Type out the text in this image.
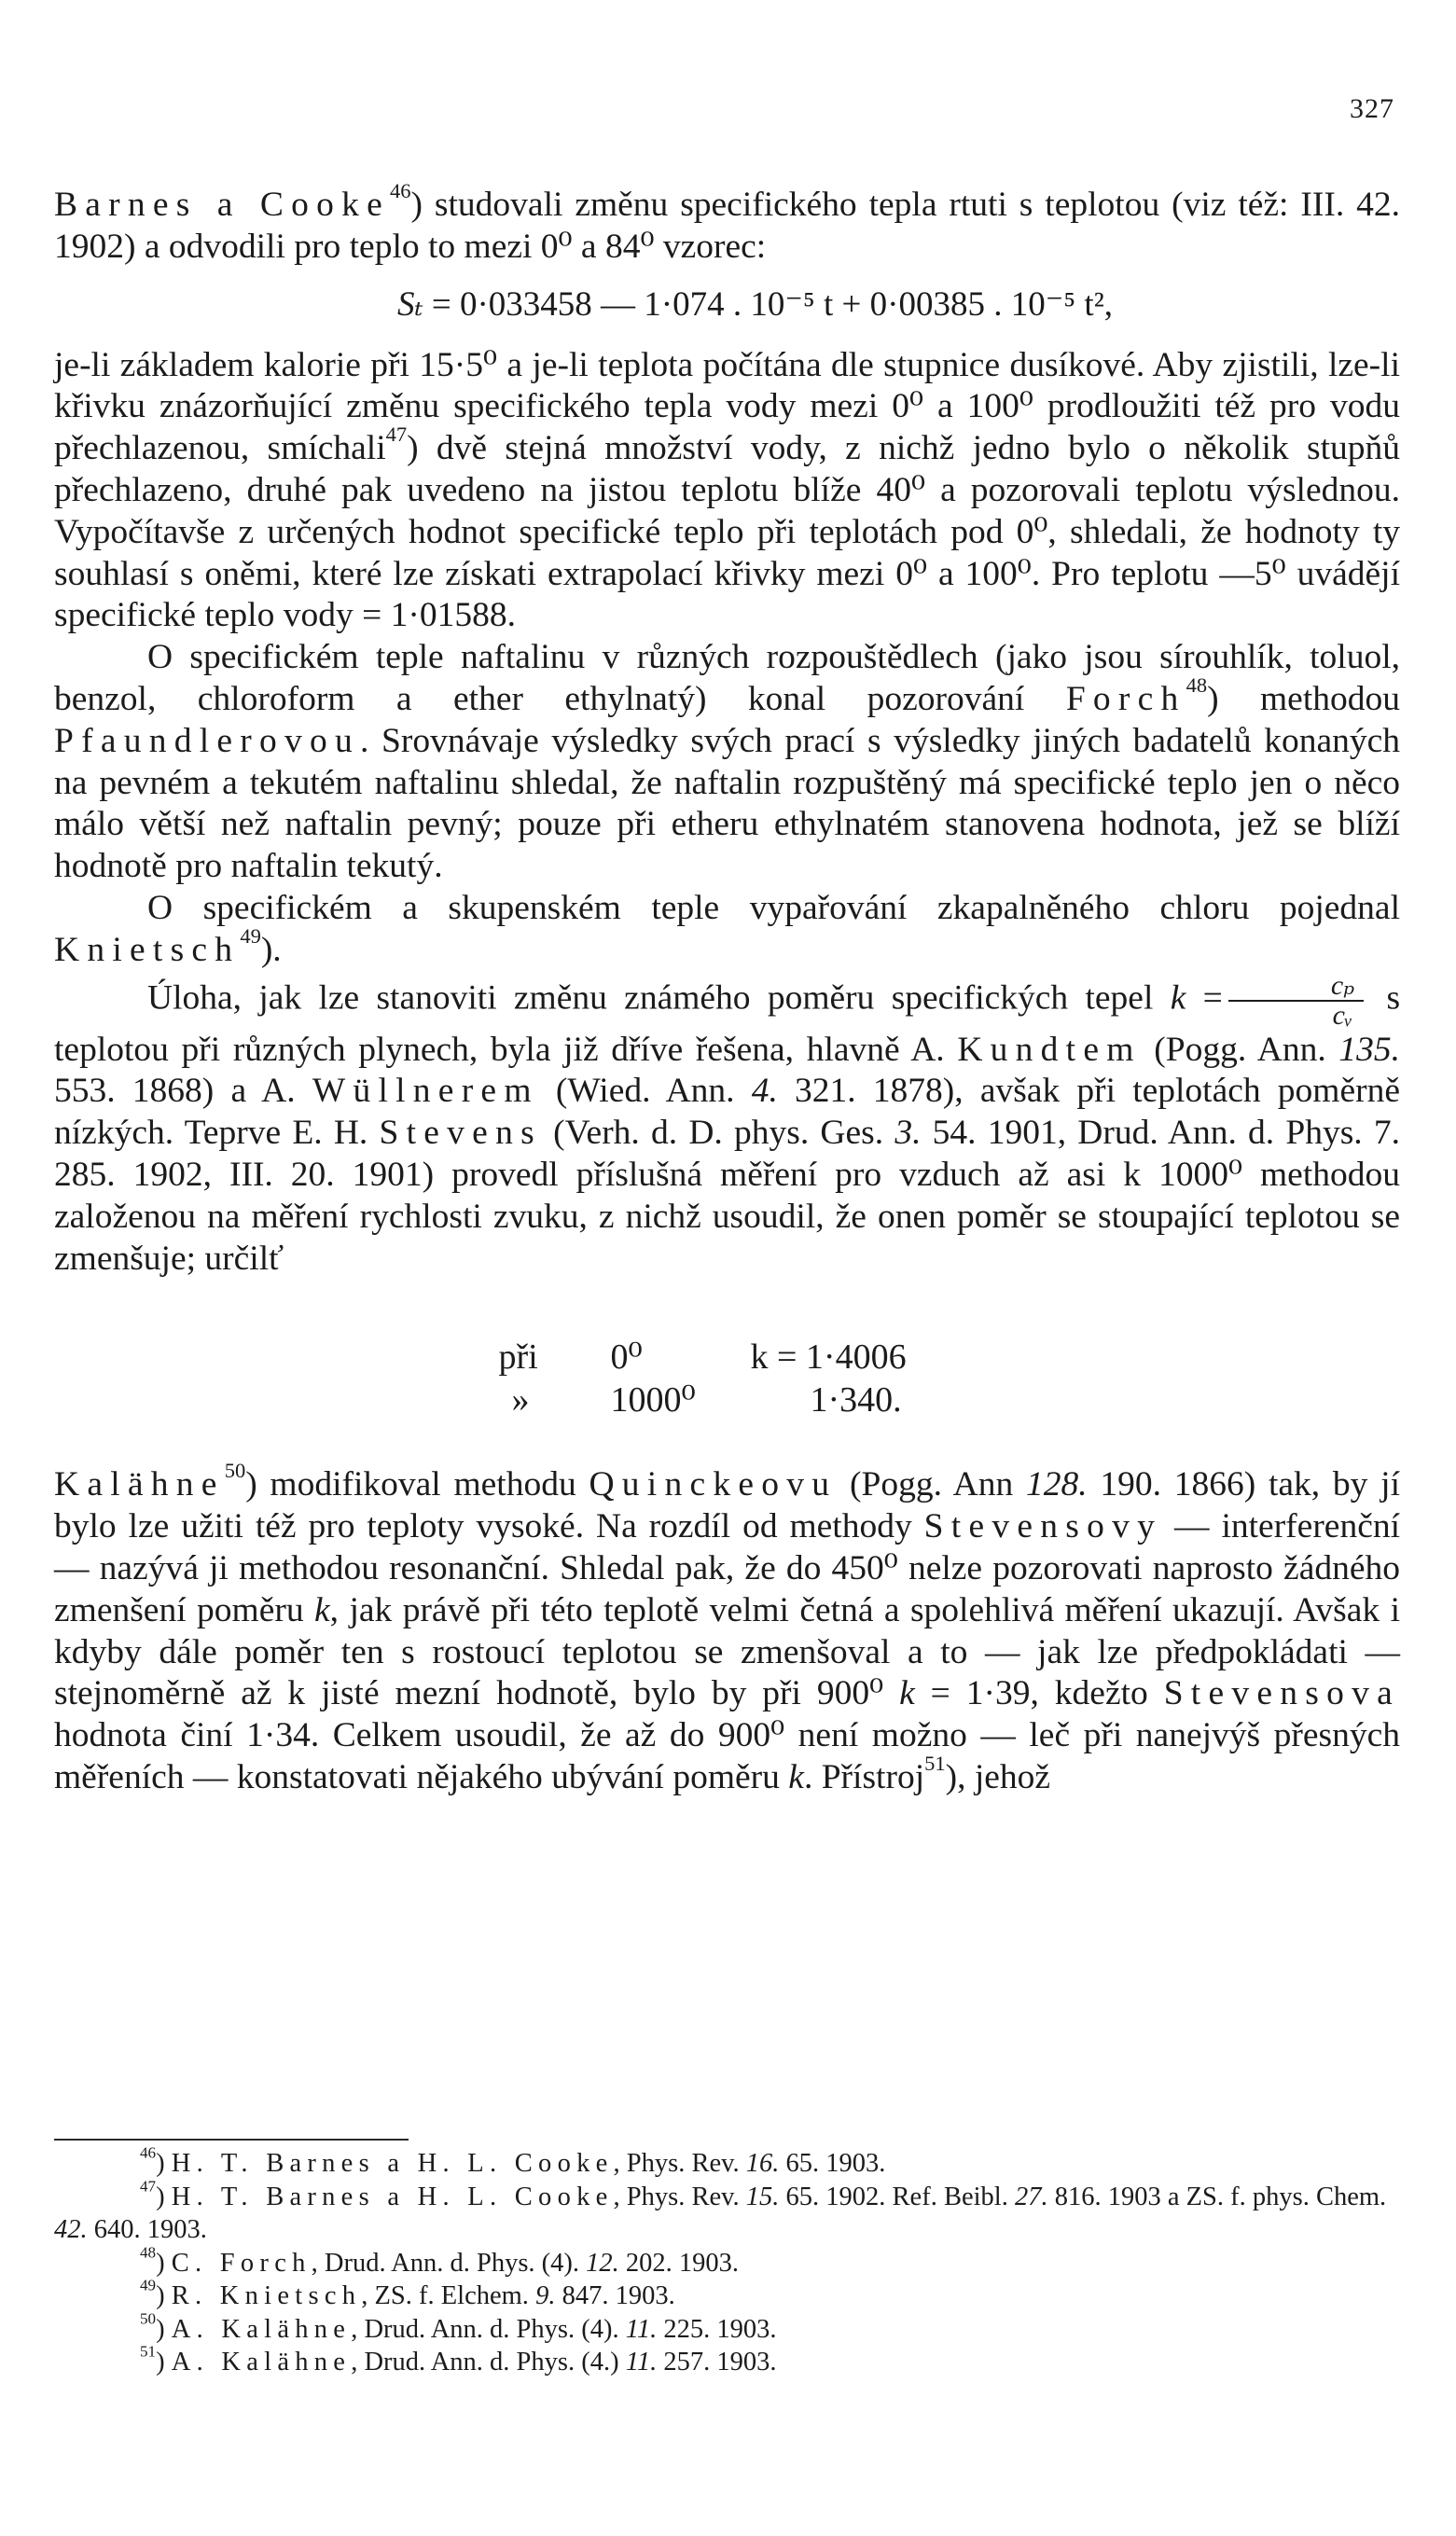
327

Barnes a Cooke$^{46}$) studovali změnu specifického tepla rtuti s teplotou (viz též: III. 42. 1902) a odvodili pro teplo to mezi 0⁰ a 84⁰ vzorec:

Sₜ = 0·033458 — 1·074 . 10⁻⁵ t + 0·00385 . 10⁻⁵ t²,

je-li základem kalorie při 15·5⁰ a je-li teplota počítána dle stupnice dusíkové. Aby zjistili, lze-li křivku znázorňující změnu specifického tepla vody mezi 0⁰ a 100⁰ prodloužiti též pro vodu přechlazenou, smíchali$^{47}$) dvě stejná množství vody, z nichž jedno bylo o několik stupňů přechlazeno, druhé pak uvedeno na jistou teplotu blíže 40⁰ a pozorovali teplotu výslednou. Vypočítavše z určených hodnot specifické teplo při teplotách pod 0⁰, shledali, že hodnoty ty souhlasí s oněmi, které lze získati extrapolací křivky mezi 0⁰ a 100⁰. Pro teplotu —5⁰ uvádějí specifické teplo vody = 1·01588.

O specifickém teple naftalinu v různých rozpouštědlech (jako jsou sírouhlík, toluol, benzol, chloroform a ether ethylnatý) konal pozorování Forch$^{48}$) methodou Pfaundlerovou. Srovnávaje výsledky svých prací s výsledky jiných badatelů konaných na pevném a tekutém naftalinu shledal, že naftalin rozpuštěný má specifické teplo jen o něco málo větší než naftalin pevný; pouze při etheru ethylnatém stanovena hodnota, jež se blíží hodnotě pro naftalin tekutý.

O specifickém a skupenském teple vypařování zkapalněného chloru pojednal Knietsch$^{49}$).

Úloha, jak lze stanoviti změnu známého poměru specifických tepel $k = \frac{\text{cₚ}}{\text{cᵥ}}$ s teplotou při různých plynech, byla již dříve řešena, hlavně A. Kundtem (Pogg. Ann. 135. 553. 1868) a A. Wüllnerem (Wied. Ann. 4. 321. 1878), avšak při teplotách poměrně nízkých. Teprve E. H. Stevens (Verh. d. D. phys. Ges. 3. 54. 1901, Drud. Ann. d. Phys. 7. 285. 1902, III. 20. 1901) provedl příslušná měření pro vzduch až asi k 1000⁰ methodou založenou na měření rychlosti zvuku, z nichž usoudil, že onen poměr se stoupající teplotou se zmenšuje; určilť

při
»
0⁰
1000⁰
k = 1·4006
1·340.

Kalähne$^{50}$) modifikoval methodu Quinckeovu (Pogg. Ann 128. 190. 1866) tak, by jí bylo lze užiti též pro teploty vysoké. Na rozdíl od methody Stevensovy — interferenční — nazývá ji methodou resonanční. Shledal pak, že do 450⁰ nelze pozorovati naprosto žádného zmenšení poměru k, jak právě při této teplotě velmi četná a spolehlivá měření ukazují. Avšak i kdyby dále poměr ten s rostoucí teplotou se zmenšoval a to — jak lze předpokládati — stejnoměrně až k jisté mezní hodnotě, bylo by při 900⁰ k = 1·39, kdežto Stevensova hodnota činí 1·34. Celkem usoudil, že až do 900⁰ není možno — leč při nanejvýš přesných měřeních — konstatovati nějakého ubývání poměru k. Přístroj$^{51}$), jehož

$^{46}$) H. T. Barnes a H. L. Cooke, Phys. Rev. 16. 65. 1903.

$^{47}$) H. T. Barnes a H. L. Cooke, Phys. Rev. 15. 65. 1902. Ref. Beibl. 27. 816. 1903 a ZS. f. phys. Chem. 42. 640. 1903.

$^{48}$) C. Forch, Drud. Ann. d. Phys. (4). 12. 202. 1903.

$^{49}$) R. Knietsch, ZS. f. Elchem. 9. 847. 1903.

$^{50}$) A. Kalähne, Drud. Ann. d. Phys. (4). 11. 225. 1903.

$^{51}$) A. Kalähne, Drud. Ann. d. Phys. (4.) 11. 257. 1903.
